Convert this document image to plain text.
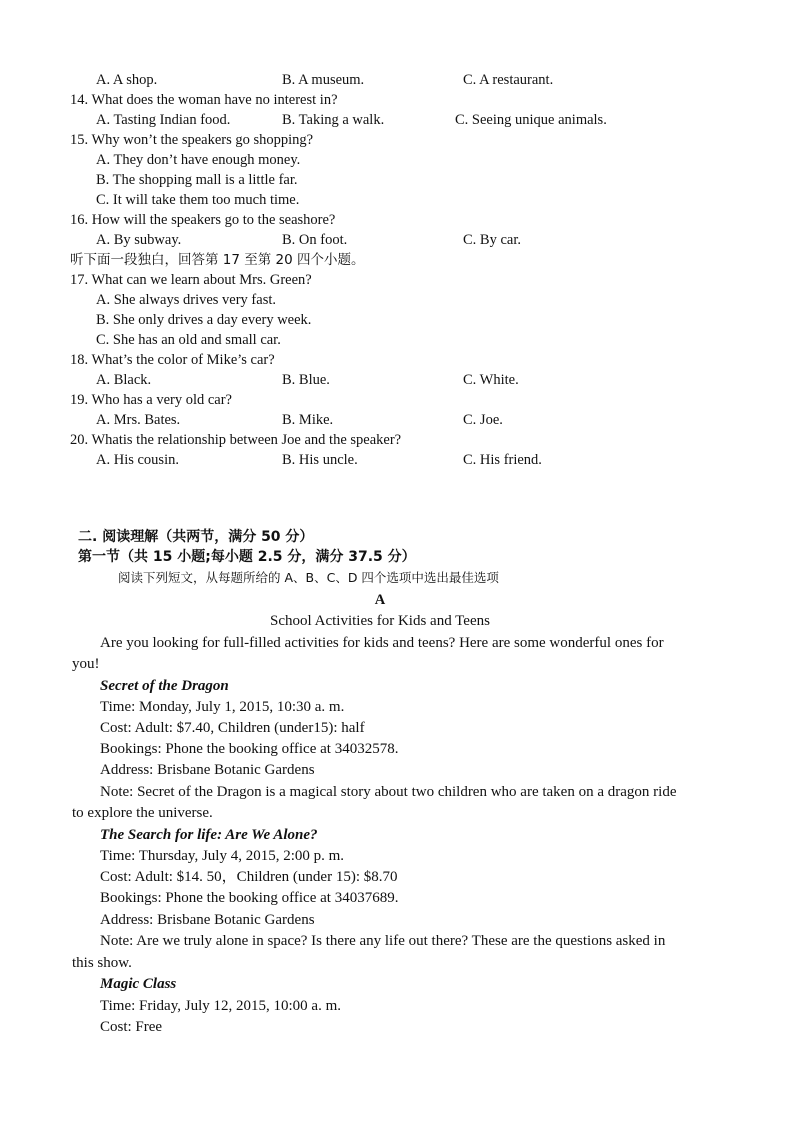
A. A shop.	B. A museum.	C. A restaurant.
14. What does the woman have no interest in?
A. Tasting Indian food.	B. Taking a walk.	C. Seeing unique animals.
15. Why won’t the speakers go shopping?
A. They don’t have enough money.
B. The shopping mall is a little far.
C. It will take them too much time.
16. How will the speakers go to the seashore?
A. By subway.	B. On foot.	C. By car.
听下面一段独白，回答第 17 至第 20 四个小题。
17. What can we learn about Mrs. Green?
A. She always drives very fast.
B. She only drives a day every week.
C. She has an old and small car.
18. What’s the color of Mike’s car?
A. Black.	B. Blue.	C. White.
19. Who has a very old car?
A. Mrs. Bates.	B. Mike.	C. Joe.
20. Whatis the relationship between Joe and the speaker?
A. His cousin.	B. His uncle.	C. His friend.
二. 阅读理解（共两节，满分 50 分）
第一节（共 15 小题;每小题 2.5 分，满分 37.5 分）
阅读下列短文，从每题所给的 A、B、C、D 四个选项中选出最佳选项
A
School Activities for Kids and Teens
Are you looking for full-filled activities for kids and teens? Here are some wonderful ones for
you!
Secret of the Dragon
Time: Monday, July 1, 2015, 10:30 a. m.
Cost: Adult: $7.40, Children (under15): half
Bookings: Phone the booking office at 34032578.
Address: Brisbane Botanic Gardens
Note: Secret of the Dragon is a magical story about two children who are taken on a dragon ride
to explore the universe.
The Search for life: Are We Alone?
Time: Thursday, July 4, 2015, 2:00 p. m.
Cost: Adult: $14. 50，Children (under 15): $8.70
Bookings: Phone the booking office at 34037689.
Address: Brisbane Botanic Gardens
Note: Are we truly alone in space? Is there any life out there? These are the questions asked in
this show.
Magic Class
Time: Friday, July 12, 2015, 10:00 a. m.
Cost: Free
